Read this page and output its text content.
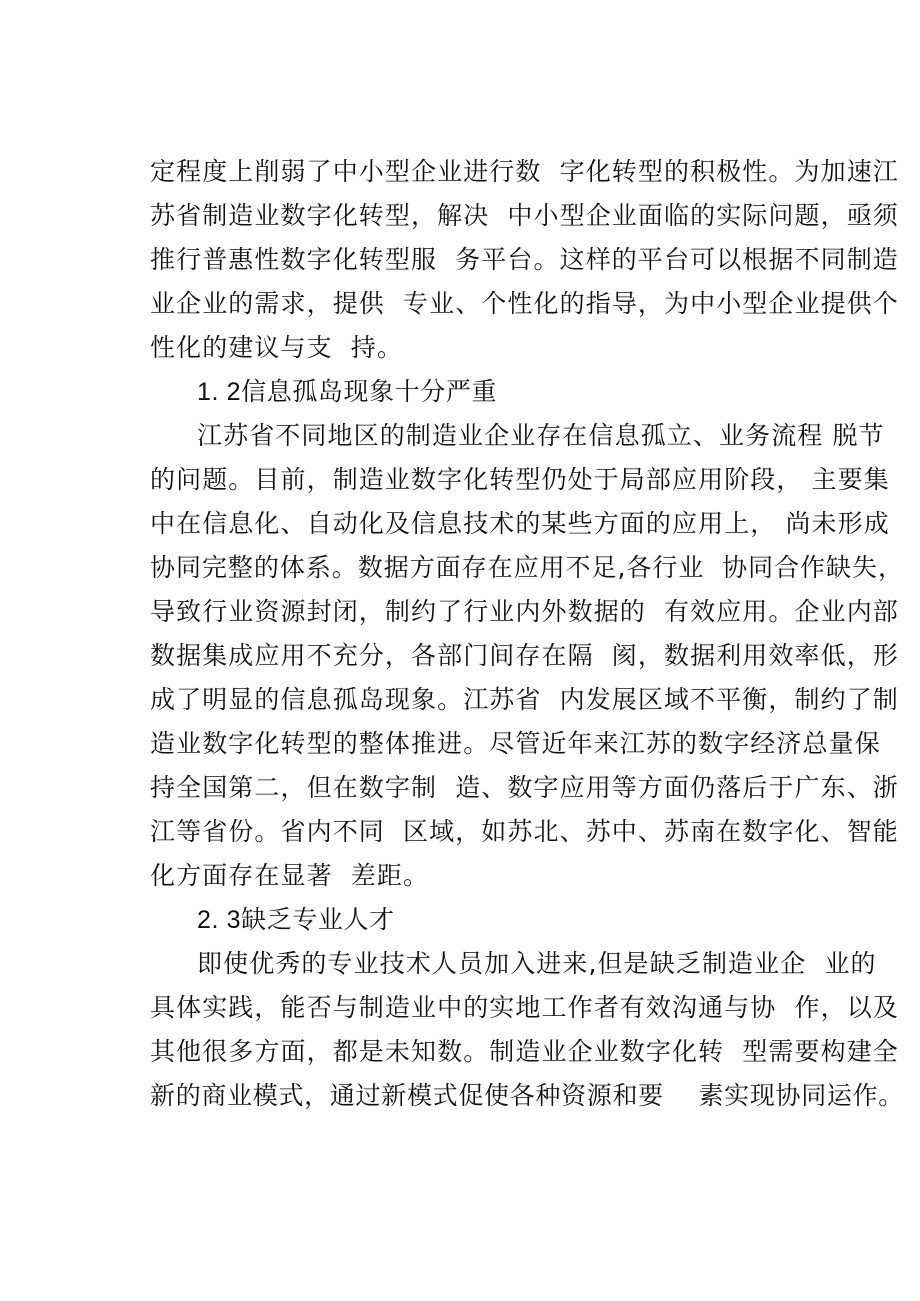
定程度上削弱了中小型企业进行数  字化转型的积极性。为加速江
苏省制造业数字化转型，解决  中小型企业面临的实际问题，亟须
推行普惠性数字化转型服  务平台。这样的平台可以根据不同制造
业企业的需求，提供  专业、个性化的指导，为中小型企业提供个
性化的建议与支  持。
1. 2信息孤岛现象十分严重
江苏省不同地区的制造业企业存在信息孤立、业务流程 脱节
的问题。目前，制造业数字化转型仍处于局部应用阶段， 主要集
中在信息化、自动化及信息技术的某些方面的应用上， 尚未形成
协同完整的体系。数据方面存在应用不足,各行业  协同合作缺失，
导致行业资源封闭，制约了行业内外数据的  有效应用。企业内部
数据集成应用不充分，各部门间存在隔  阂，数据利用效率低，形
成了明显的信息孤岛现象。江苏省  内发展区域不平衡，制约了制
造业数字化转型的整体推进。尽管近年来江苏的数字经济总量保
持全国第二，但在数字制  造、数字应用等方面仍落后于广东、浙
江等省份。省内不同  区域，如苏北、苏中、苏南在数字化、智能
化方面存在显著  差距。
2. 3缺乏专业人才
即使优秀的专业技术人员加入进来,但是缺乏制造业企  业的
具体实践，能否与制造业中的实地工作者有效沟通与协  作，以及
其他很多方面，都是未知数。制造业企业数字化转  型需要构建全
新的商业模式，通过新模式促使各种资源和要    素实现协同运作。
